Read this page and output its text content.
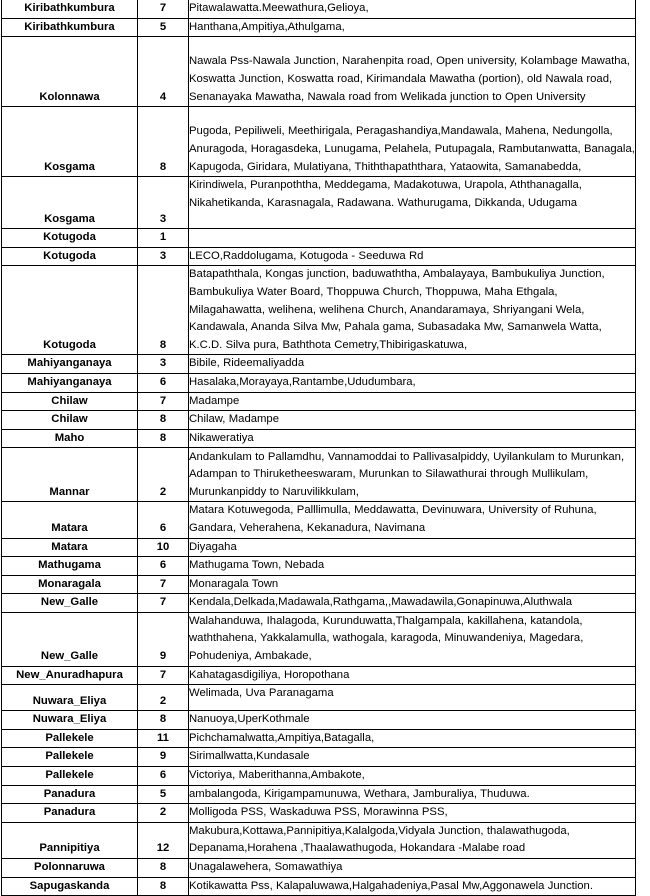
Kiribathkumbura	7	Pitawalawatta.Meewathura,Gelioya,
Kiribathkumbura	5	Hanthana,Ampitiya,Athulgama,
Kolonnawa	4	Nawala Pss-Nawala Junction, Narahenpita road, Open university, Kolambage Mawatha, Koswatta Junction, Koswatta road, Kirimandala Mawatha (portion), old Nawala road, Senanayaka Mawatha, Nawala road from Welikada junction to Open University
Kosgama	8	Pugoda, Pepiliweli, Meethirigala, Peragashandiya,Mandawala, Mahena, Nedungolla, Anuragoda, Horagasdeka, Lunugama, Pelahela, Putupagala, Rambutanwatta, Banagala, Kapugoda, Giridara, Mulatiyana, Thiththapaththara, Yataowita, Samanabedda,
Kosgama	3	Kirindiwela, Puranpoththa, Meddegama, Madakotuwa, Urapola, Aththanagalla, Nikahetikanda, Karasnagala, Radawana. Wathurugama, Dikkanda, Udugama
Kotugoda	1	
Kotugoda	3	LECO,Raddolugama, Kotugoda - Seeduwa Rd
Kotugoda	8	Batapaththala, Kongas junction, baduwaththa, Ambalayaya, Bambukuliya Junction, Bambukuliya Water Board, Thoppuwa Church, Thoppuwa, Maha Ethgala, Milagahawatta, welihena, welihena Church, Anandaramaya, Shriyangani Wela, Kandawala, Ananda Silva Mw, Pahala gama, Subasadaka Mw, Samanwela Watta, K.C.D. Silva pura, Baththota Cemetry,Thibirigaskatuwa,
Mahiyanganaya	3	Bibile, Rideemaliyadda
Mahiyanganaya	6	Hasalaka,Morayaya,Rantambe,Ududumbara,
Chilaw	7	Madampe
Chilaw	8	Chilaw, Madampe
Maho	8	Nikaweratiya
Mannar	2	Andankulam to Pallamdhu, Vannamoddai to Pallivasalpiddy, Uyilankulam to Murunkan, Adampan to Thiruketheeswaram, Murunkan to Silawathurai through Mullikulam, Murunkanpiddy to Naruvilikkulam,
Matara	6	Matara Kotuwegoda, Palllimulla, Meddawatta, Devinuwara, University of Ruhuna, Gandara, Veherahena, Kekanadura, Navimana
Matara	10	Diyagaha
Mathugama	6	Mathugama Town, Nebada
Monaragala	7	Monaragala Town
New_Galle	7	Kendala,Delkada,Madawala,Rathgama,,Mawadawila,Gonapinuwa,Aluthwala
New_Galle	9	Walahanduwa, Ihalagoda, Kurunduwatta,Thalgampala, kakillahena, katandola, waththahena, Yakkalamulla, wathogala, karagoda, Minuwandeniya, Magedara, Pohudeniya, Ambakade,
New_Anuradhapura	7	Kahatagasdigiliya, Horopothana
Nuwara_Eliya	2	Welimada, Uva Paranagama
Nuwara_Eliya	8	Nanuoya,UperKothmale
Pallekele	11	Pichchamalwatta,Ampitiya,Batagalla,
Pallekele	9	Sirimallwatta,Kundasale
Pallekele	6	Victoriya, Maberithanna,Ambakote,
Panadura	5	ambalangoda, Kirigampamunuwa, Wethara, Jamburaliya, Thuduwa.
Panadura	2	Molligoda PSS, Waskaduwa PSS, Morawinna PSS,
Pannipitiya	12	Makubura,Kottawa,Pannipitiya,Kalalgoda,Vidyala Junction, thalawathugoda, Depanama,Horahena ,Thaalawathugoda, Hokandara -Malabe road
Polonnaruwa	8	Unagalawehera, Somawathiya
Sapugaskanda	8	Kotikawatta Pss, Kalapaluwawa,Halgahadeniya,Pasal Mw,Aggonawela Junction.
